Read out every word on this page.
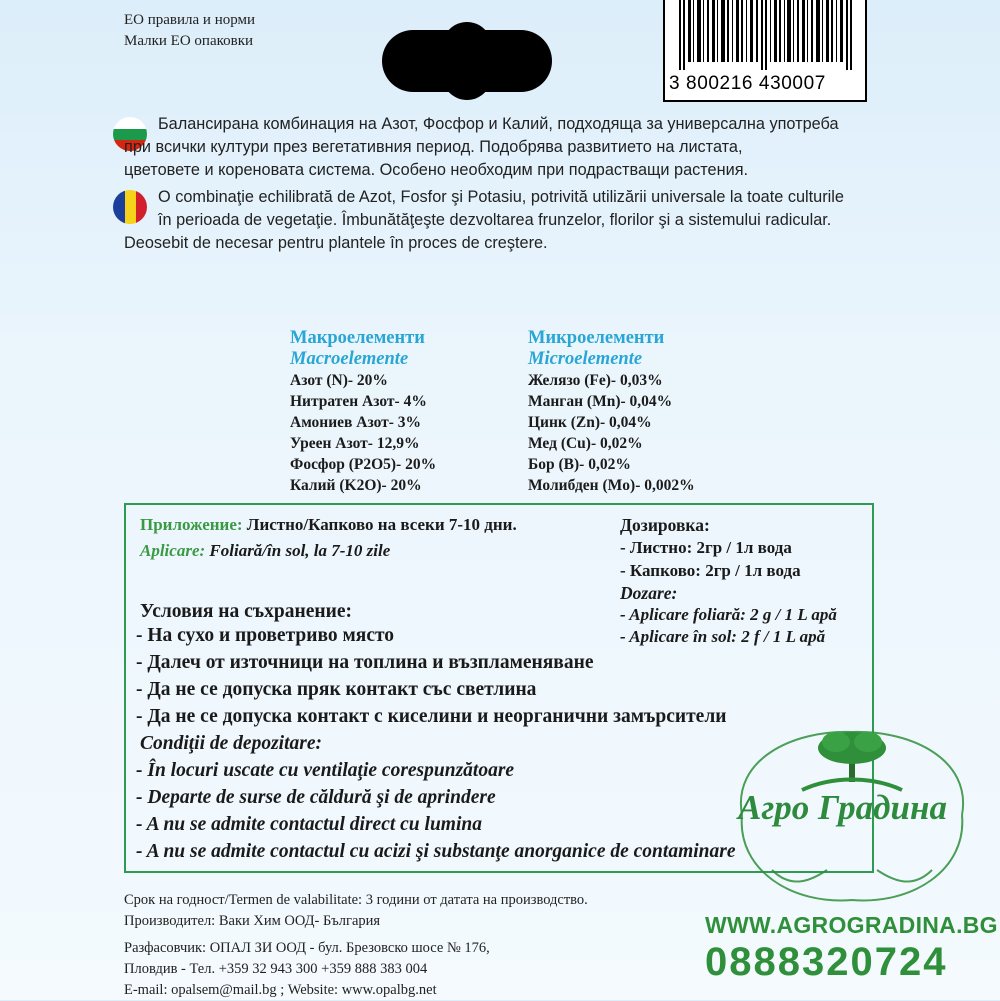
ЕО правила и норми
Малки ЕО опаковки
3 800216 430007
Балансирана комбинация на Азот, Фосфор и Калий, подходяща за универсална употреба
при всички култури през вегетативния период. Подобрява развитието на листата,
цветовете и кореновата система. Особено необходим при подрастващи растения.
O combinaţie echilibrată de Azot, Fosfor şi Potasiu, potrivită utilizării universale la toate culturile
în perioada de vegetaţie. Îmbunătăţeşte dezvoltarea frunzelor, florilor şi a sistemului radicular.
Deosebit de necesar pentru plantele în proces de creştere.
Макроелементи
Macroelemente
Азот (N)- 20%
Нитратен Азот- 4%
Амониев Азот- 3%
Уреен Азот- 12,9%
Фосфор (P2O5)- 20%
Калий (K2O)- 20%
Микроелементи
Microelemente
Желязо (Fe)- 0,03%
Манган (Mn)- 0,04%
Цинк (Zn)- 0,04%
Мед (Cu)- 0,02%
Бор (B)- 0,02%
Молибден (Mo)- 0,002%
Приложение: Листно/Капково на всеки 7-10 дни.
Aplicare: Foliară/în sol, la 7-10 zile
Дозировка:
- Листно: 2гр / 1л вода
- Капково: 2гр / 1л вода
Dozare:
- Aplicare foliară: 2 g / 1 L apă
- Aplicare în sol: 2 f / 1 L apă
Условия на съхранение:
- На сухо и проветриво място
- Далеч от източници на топлина и възпламеняване
- Да не се допуска пряк контакт със светлина
- Да не се допуска контакт с киселини и неорганични замърсители
Condiţii de depozitare:
- În locuri uscate cu ventilaţie corespunzătoare
- Departe de surse de căldură şi de aprindere
- A nu se admite contactul direct cu lumina
- A nu se admite contactul cu acizi şi substanţe anorganice de contaminare
Срок на годност/Termen de valabilitate: 3 години от датата на производство.
Производител: Ваки Хим ООД- България
Разфасовчик: ОПАЛ ЗИ ООД - бул. Брезовско шосе № 176,
Пловдив - Тел. +359 32 943 300 +359 888 383 004
E-mail: opalsem@mail.bg ; Website: www.opalbg.net
Агро Градина
WWW.AGROGRADINA.BG
0888320724
